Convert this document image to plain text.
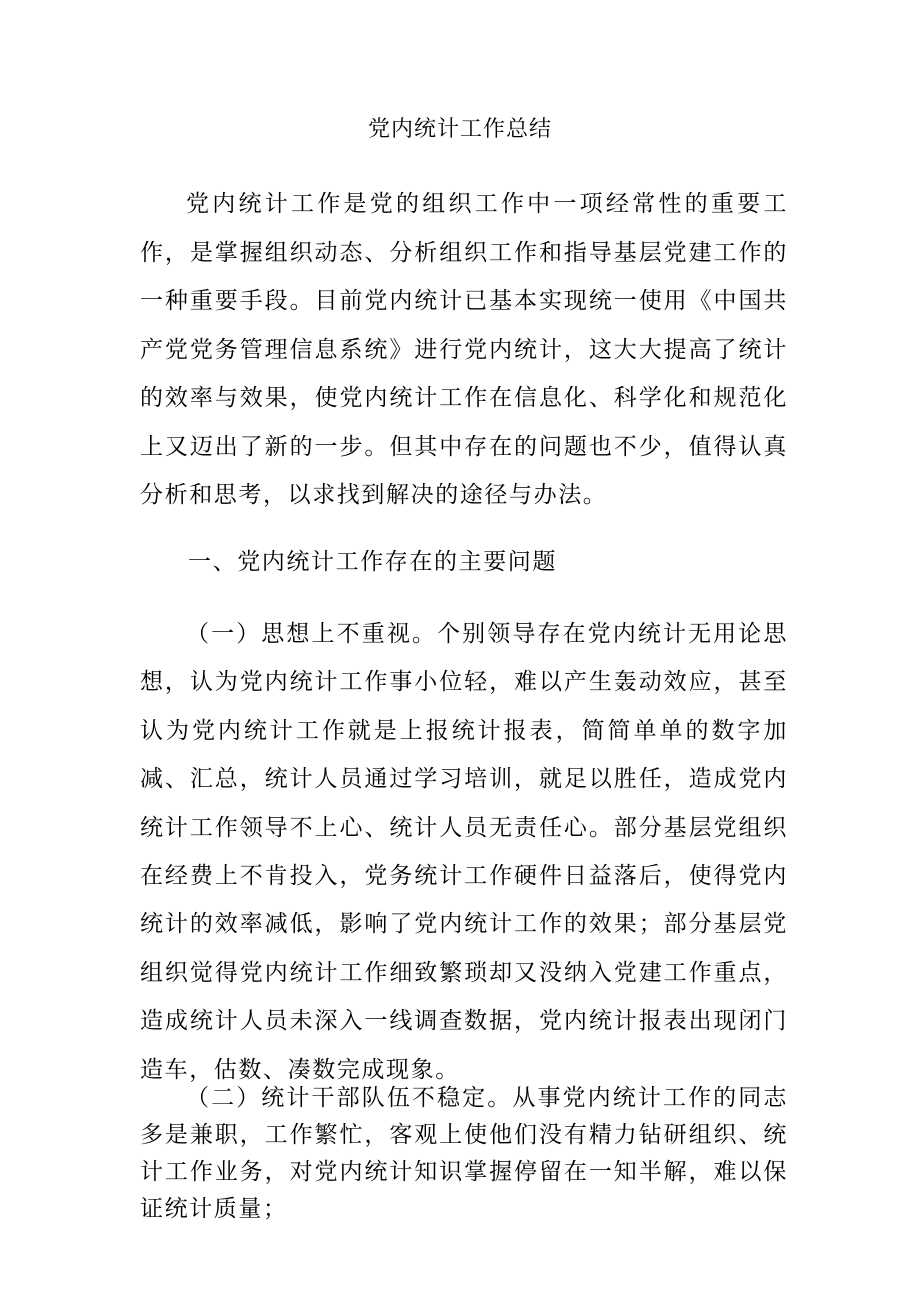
党内统计工作总结

党内统计工作是党的组织工作中一项经常性的重要工作，是掌握组织动态、分析组织工作和指导基层党建工作的一种重要手段。目前党内统计已基本实现统一使用《中国共产党党务管理信息系统》进行党内统计，这大大提高了统计的效率与效果，使党内统计工作在信息化、科学化和规范化上又迈出了新的一步。但其中存在的问题也不少，值得认真分析和思考，以求找到解决的途径与办法。

一、党内统计工作存在的主要问题

（一）思想上不重视。个别领导存在党内统计无用论思想，认为党内统计工作事小位轻，难以产生轰动效应，甚至认为党内统计工作就是上报统计报表，简简单单的数字加减、汇总，统计人员通过学习培训，就足以胜任，造成党内统计工作领导不上心、统计人员无责任心。部分基层党组织在经费上不肯投入，党务统计工作硬件日益落后，使得党内统计的效率减低，影响了党内统计工作的效果；部分基层党组织觉得党内统计工作细致繁琐却又没纳入党建工作重点，造成统计人员未深入一线调查数据，党内统计报表出现闭门造车，估数、凑数完成现象。

（二）统计干部队伍不稳定。从事党内统计工作的同志多是兼职，工作繁忙，客观上使他们没有精力钻研组织、统计工作业务，对党内统计知识掌握停留在一知半解，难以保证统计质量；
